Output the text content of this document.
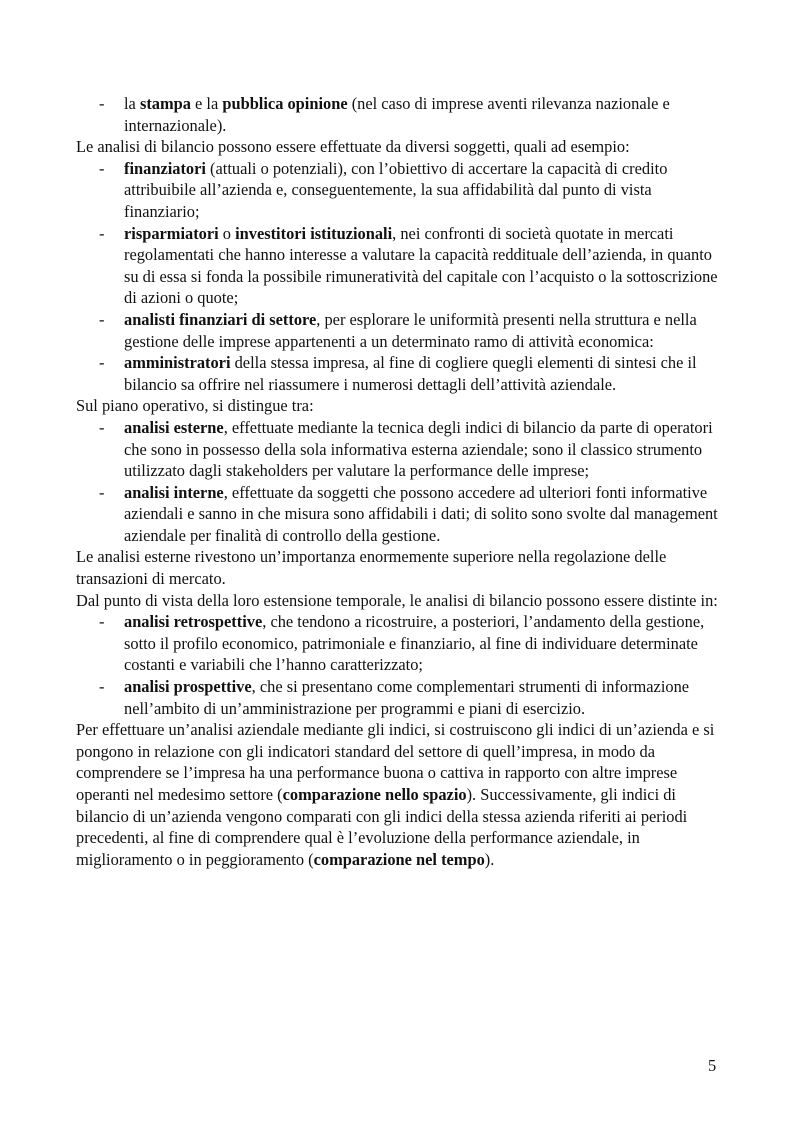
- la stampa e la pubblica opinione (nel caso di imprese aventi rilevanza nazionale e internazionale).

Le analisi di bilancio possono essere effettuate da diversi soggetti, quali ad esempio:

- finanziatori (attuali o potenziali), con l’obiettivo di accertare la capacità di credito attribuibile all’azienda e, conseguentemente, la sua affidabilità dal punto di vista finanziario;
- risparmiatori o investitori istituzionali, nei confronti di società quotate in mercati regolamentati che hanno interesse a valutare la capacità reddituale dell’azienda, in quanto su di essa si fonda la possibile rimuneratività del capitale con l’acquisto o la sottoscrizione di azioni o quote;
- analisti finanziari di settore, per esplorare le uniformità presenti nella struttura e nella gestione delle imprese appartenenti a un determinato ramo di attività economica:
- amministratori della stessa impresa, al fine di cogliere quegli elementi di sintesi che il bilancio sa offrire nel riassumere i numerosi dettagli dell’attività aziendale.

Sul piano operativo, si distingue tra:

- analisi esterne, effettuate mediante la tecnica degli indici di bilancio da parte di operatori che sono in possesso della sola informativa esterna aziendale; sono il classico strumento utilizzato dagli stakeholders per valutare la performance delle imprese;
- analisi interne, effettuate da soggetti che possono accedere ad ulteriori fonti informative aziendali e sanno in che misura sono affidabili i dati; di solito sono svolte dal management aziendale per finalità di controllo della gestione.

Le analisi esterne rivestono un’importanza enormemente superiore nella regolazione delle transazioni di mercato.

Dal punto di vista della loro estensione temporale, le analisi di bilancio possono essere distinte in:

- analisi retrospettive, che tendono a ricostruire, a posteriori, l’andamento della gestione, sotto il profilo economico, patrimoniale e finanziario, al fine di individuare determinate costanti e variabili che l’hanno caratterizzato;
- analisi prospettive, che si presentano come complementari strumenti di informazione nell’ambito di un’amministrazione per programmi e piani di esercizio.

Per effettuare un’analisi aziendale mediante gli indici, si costruiscono gli indici di un’azienda e si pongono in relazione con gli indicatori standard del settore di quell’impresa, in modo da comprendere se l’impresa ha una performance buona o cattiva in rapporto con altre imprese operanti nel medesimo settore (comparazione nello spazio). Successivamente, gli indici di bilancio di un’azienda vengono comparati con gli indici della stessa azienda riferiti ai periodi precedenti, al fine di comprendere qual è l’evoluzione della performance aziendale, in miglioramento o in peggioramento (comparazione nel tempo).

5
